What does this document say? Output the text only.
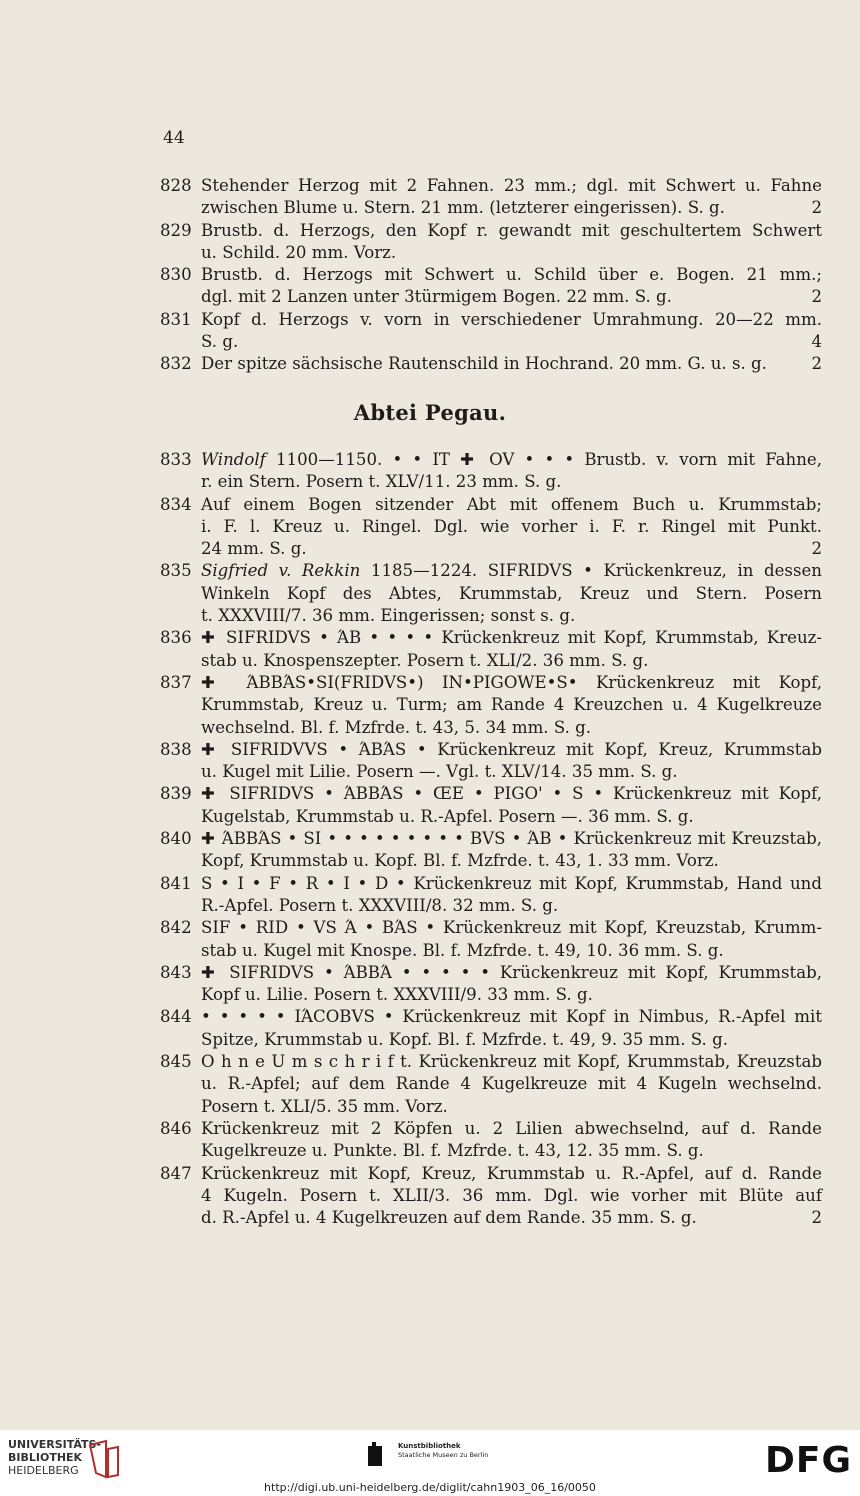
44
828 Stehender Herzog mit 2 Fahnen. 23 mm.; dgl. mit Schwert u. Fahne
zwischen Blume u. Stern. 21 mm. (letzterer eingerissen). S. g.	2
829 Brustb. d. Herzogs, den Kopf r. gewandt mit geschultertem Schwert
u. Schild. 20 mm. Vorz.
830 Brustb. d. Herzogs mit Schwert u. Schild über e. Bogen. 21 mm.;
dgl. mit 2 Lanzen unter 3türmigem Bogen. 22 mm. S. g.	2
831 Kopf d. Herzogs v. vorn in verschiedener Umrahmung. 20—22 mm.
S. g.	4
832 Der spitze sächsische Rautenschild in Hochrand. 20 mm. G. u. s. g.	2
Abtei Pegau.
833 Windolf 1100—1150. • • IT ✚ OV • • • Brustb. v. vorn mit Fahne,
r. ein Stern. Posern t. XLV/11. 23 mm. S. g.
834 Auf einem Bogen sitzender Abt mit offenem Buch u. Krummstab;
i. F. l. Kreuz u. Ringel. Dgl. wie vorher i. F. r. Ringel mit Punkt.
24 mm. S. g.	2
835 Sigfried v. Rekkin 1185—1224. SIFRIDVS • Krückenkreuz, in dessen
Winkeln Kopf des Abtes, Krummstab, Kreuz und Stern. Posern
t. XXXVIII/7. 36 mm. Eingerissen; sonst s. g.
836 ✚ SIFRIDVS • ΆB • • • • Krückenkreuz mit Kopf, Krummstab, Kreuz-
stab u. Knospenszepter. Posern t. XLI/2. 36 mm. S. g.
837 ✚ ΆBBΆS•SI(FRIDVS•) IN•PIGOWE•S• Krückenkreuz mit Kopf,
Krummstab, Kreuz u. Turm; am Rande 4 Kreuzchen u. 4 Kugelkreuze
wechselnd. Bl. f. Mzfrde. t. 43, 5. 34 mm. S. g.
838 ✚ SIFRIDVVS • ΆBΆS • Krückenkreuz mit Kopf, Kreuz, Krummstab
u. Kugel mit Lilie. Posern —. Vgl. t. XLV/14. 35 mm. S. g.
839 ✚ SIFRIDVS • ΆBBΆS • ŒE • PIGO' • S • Krückenkreuz mit Kopf,
Kugelstab, Krummstab u. R.-Apfel. Posern —. 36 mm. S. g.
840 ✚ ΆBBΆS • SI • • • • • • • • • BVS • ΆB • Krückenkreuz mit Kreuzstab,
Kopf, Krummstab u. Kopf. Bl. f. Mzfrde. t. 43, 1. 33 mm. Vorz.
841 S • I • F • R • I • D • Krückenkreuz mit Kopf, Krummstab, Hand und
R.-Apfel. Posern t. XXXVIII/8. 32 mm. S. g.
842 SIF • RID • VS Ά • BΆS • Krückenkreuz mit Kopf, Kreuzstab, Krumm-
stab u. Kugel mit Knospe. Bl. f. Mzfrde. t. 49, 10. 36 mm. S. g.
843 ✚ SIFRIDVS • ΆBBΆ • • • • • Krückenkreuz mit Kopf, Krummstab,
Kopf u. Lilie. Posern t. XXXVIII/9. 33 mm. S. g.
844 • • • • • IΆCOBVS • Krückenkreuz mit Kopf in Nimbus, R.-Apfel mit
Spitze, Krummstab u. Kopf. Bl. f. Mzfrde. t. 49, 9. 35 mm. S. g.
845 O h n e U m s c h r i f t. Krückenkreuz mit Kopf, Krummstab, Kreuzstab
u. R.-Apfel; auf dem Rande 4 Kugelkreuze mit 4 Kugeln wechselnd.
Posern t. XLI/5. 35 mm. Vorz.
846 Krückenkreuz mit 2 Köpfen u. 2 Lilien abwechselnd, auf d. Rande
Kugelkreuze u. Punkte. Bl. f. Mzfrde. t. 43, 12. 35 mm. S. g.
847 Krückenkreuz mit Kopf, Kreuz, Krummstab u. R.-Apfel, auf d. Rande
4 Kugeln. Posern t. XLII/3. 36 mm. Dgl. wie vorher mit Blüte auf
d. R.-Apfel u. 4 Kugelkreuzen auf dem Rande. 35 mm. S. g.	2
UNIVERSITÄTS-
BIBLIOTHEK
HEIDELBERG
Kunstbibliothek
Staatliche Museen zu Berlin
http://digi.ub.uni-heidelberg.de/diglit/cahn1903_06_16/0050
DFG
